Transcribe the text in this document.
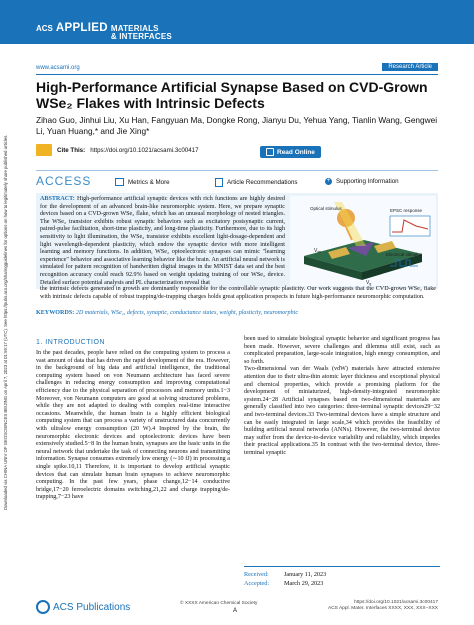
ACS APPLIED MATERIALS
& INTERFACES
www.acsami.org	Research Article
High-Performance Artificial Synapse Based on CVD-Grown WSe₂ Flakes with Intrinsic Defects
Zihao Guo, Jinhui Liu, Xu Han, Fangyuan Ma, Dongke Rong, Jianyu Du, Yehua Yang, Tianlin Wang, Gengwei Li, Yuan Huang,* and Jie Xing*
Cite This: https://doi.org/10.1021/acsami.3c00417	Read Online
ACCESS	Metrics & More	Article Recommendations	+ Supporting Information
ABSTRACT: High-performance artificial synaptic devices with rich functions are highly desired for the development of an advanced brain-like neuromorphic system. Here, we prepare synaptic devices based on a CVD-grown WSe₂ flake, which has an unusual morphology of nested triangles. The WSe₂ transistor exhibits robust synaptic behaviors such as excitatory postsynaptic current, paired-pulse facilitation, short-time plasticity, and long-time plasticity. Furthermore, due to its high sensitivity to light illumination, the WSe₂ transistor exhibits excellent light-dosage-dependent and light wavelength-dependent plasticity, which endow the synaptic device with more intelligent learning and memory functions. In addition, WSe₂ optoelectronic synapses can mimic "learning experience" behavior and associative learning behavior like the brain. An artificial neural network is simulated for pattern recognition of handwritten digital images in the MNIST data set and the best recognition accuracy could reach 92.9% based on weight updating training of our WSe₂ device. Detailed surface potential analysis and PL characterization reveal that
the intrinsic defects generated in growth are dominantly responsible for the controllable synaptic plasticity. Our work suggests that the CVD-grown WSe₂ flake with intrinsic defects capable of robust trapping/de-trapping charges holds great application prospects in future high-performance neuromorphic computation.
Optical stimulus	EPSC response
Electrical stimulus
$V_{ds}$
$V_g$
KEYWORDS: 2D materials, WSe₂, defects, synaptic, conductance states, weight, plasticity, neuromorphic
1. INTRODUCTION
In the past decades, people have relied on the computing system to process a vast amount of data that has driven the rapid development of the era. However, in the background of big data and artificial intelligence, the traditional computing system based on von Neumann architecture has faced severe challenges in reducing energy consumption and improving computational efficiency due to the physical separation of processors and memory units.1−3 Moreover, von Neumann computers are good at solving structured problems, while they are not adapted to dealing with complex real-time interactive occasions. Meanwhile, the human brain is a highly efficient biological computing system that can process a variety of unstructured data concurrently with ultralow energy consumption (20 W).4 Inspired by the brain, the neuromorphic electronic devices and optoelectronic devices have been extensively studied.5−8 In the human brain, synapses are the basic units in the neural network that undertake the task of connecting neurons and transmitting information. Synapse consumes extremely low energy (∼10 fJ) in processing a single spike.10,11 Therefore, it is important to develop artificial synaptic devices that can simulate human brain synapses to achieve neuromorphic computing. In the past few years, phase change,12−14 conductive bridge,17−20 ferroelectric domains switching,21,22 and charge trapping/de-trapping,7−23 have
been used to simulate biological synaptic behavior and significant progress has been made. However, severe challenges and dilemma still exist, such as complicated preparation, large-scale integration, high energy consumption, and so forth.
Two-dimensional van der Waals (vdW) materials have attracted extensive attention due to their ultra-thin atomic layer thickness and exceptional physical and chemical properties, which provide a promising platform for the development of miniaturized, high-density-integrated neuromorphic system.24−28 Artificial synapses based on two-dimensional materials are generally classified into two categories: three-terminal synaptic devices29−32 and two-terminal devices.33 Two-terminal devices have a simple structure and can be easily integrated in large scale,34 which provides the feasibility of building artificial neural networks (ANNs). However, the two-terminal device may suffer from the device-to-device variability and reliability, which impedes their practical applications.35 In contrast with the two-terminal device, three-terminal synaptic
Received: January 11, 2023
Accepted: March 29, 2023
Downloaded via CHINA UNIV OF GEOSCIENCES BEIJING on April 7, 2023 at 01:59:17 (UTC). See https://pubs.acs.org/sharingguidelines for options on how to legitimately share published articles.
ACS Publications	© XXXX American Chemical Society
A
https://doi.org/10.1021/acsami.3c00417
ACS Appl. Mater. Interfaces XXXX, XXX, XXX−XXX
